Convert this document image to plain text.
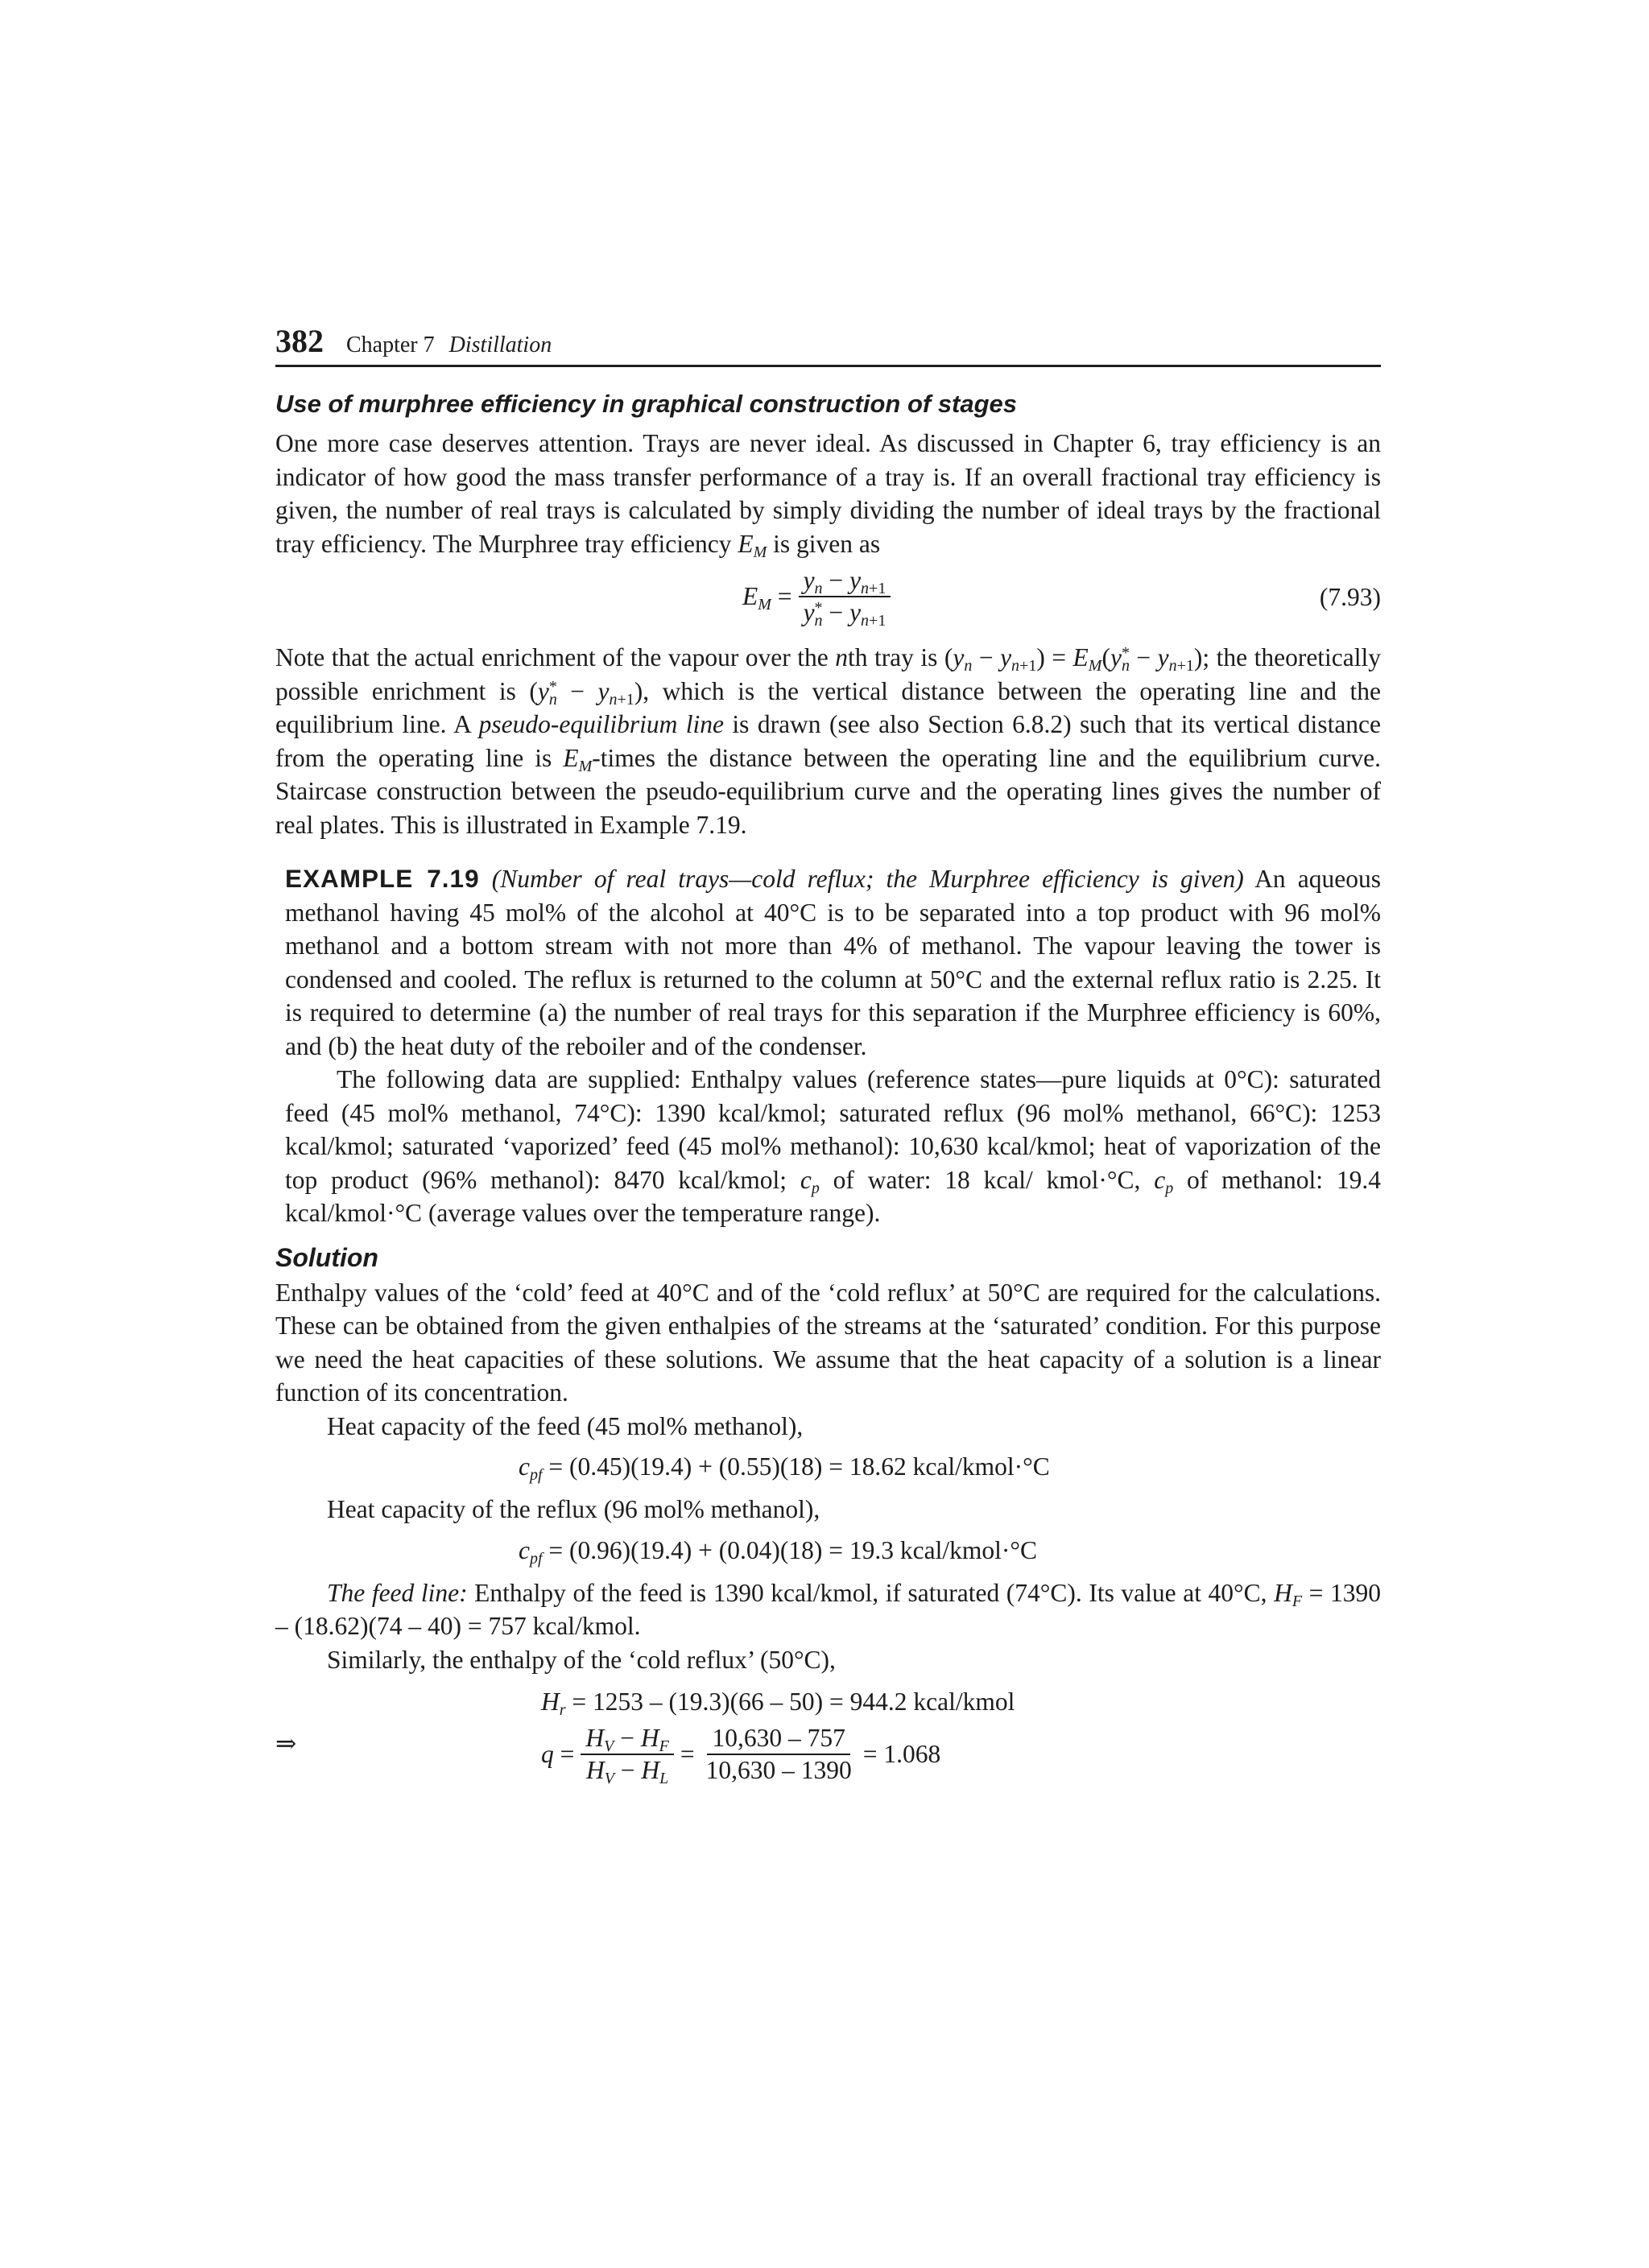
382 Chapter 7 Distillation
Use of murphree efficiency in graphical construction of stages

One more case deserves attention. Trays are never ideal. As discussed in Chapter 6, tray efficiency is an indicator of how good the mass transfer performance of a tray is. If an overall fractional tray efficiency is given, the number of real trays is calculated by simply dividing the number of ideal trays by the fractional tray efficiency. The Murphree tray efficiency $E_M$ is given as

$E_M = \frac{y_n - y_{n+1}}{y^*_n - y_{n+1}}$	(7.93)

Note that the actual enrichment of the vapour over the nth tray is $(y_n - y_{n+1}) = E_M(y^*_n - y_{n+1})$; the theoretically possible enrichment is $(y^*_n - y_{n+1})$, which is the vertical distance between the operating line and the equilibrium line. A pseudo-equilibrium line is drawn (see also Section 6.8.2) such that its vertical distance from the operating line is $E_M$-times the distance between the operating line and the equilibrium curve. Staircase construction between the pseudo-equilibrium curve and the operating lines gives the number of real plates. This is illustrated in Example 7.19.

EXAMPLE 7.19 (Number of real trays—cold reflux; the Murphree efficiency is given) An aqueous methanol having 45 mol% of the alcohol at 40°C is to be separated into a top product with 96 mol% methanol and a bottom stream with not more than 4% of methanol. The vapour leaving the tower is condensed and cooled. The reflux is returned to the column at 50°C and the external reflux ratio is 2.25. It is required to determine (a) the number of real trays for this separation if the Murphree efficiency is 60%, and (b) the heat duty of the reboiler and of the condenser.

The following data are supplied: Enthalpy values (reference states—pure liquids at 0°C): saturated feed (45 mol% methanol, 74°C): 1390 kcal/kmol; saturated reflux (96 mol% methanol, 66°C): 1253 kcal/kmol; saturated ‘vaporized’ feed (45 mol% methanol): 10,630 kcal/kmol; heat of vaporization of the top product (96% methanol): 8470 kcal/kmol; $c_p$ of water: 18 kcal/ kmol·°C, $c_p$ of methanol: 19.4 kcal/kmol·°C (average values over the temperature range).

Solution

Enthalpy values of the ‘cold’ feed at 40°C and of the ‘cold reflux’ at 50°C are required for the calculations. These can be obtained from the given enthalpies of the streams at the ‘saturated’ condition. For this purpose we need the heat capacities of these solutions. We assume that the heat capacity of a solution is a linear function of its concentration.

Heat capacity of the feed (45 mol% methanol),

$c_{pf} = (0.45)(19.4) + (0.55)(18) = 18.62$ kcal/kmol·°C

Heat capacity of the reflux (96 mol% methanol),

$c_{pf} = (0.96)(19.4) + (0.04)(18) = 19.3$ kcal/kmol·°C

The feed line: Enthalpy of the feed is 1390 kcal/kmol, if saturated (74°C). Its value at 40°C, $H_F = 1390 - (18.62)(74 - 40) = 757$ kcal/kmol.

Similarly, the enthalpy of the ‘cold reflux’ (50°C),

$H_r = 1253 - (19.3)(66 - 50) = 944.2$ kcal/kmol
⇒	$q = \frac{H_V - H_F}{H_V - H_L} = \frac{10,630 - 757}{10,630 - 1390} = 1.068$
